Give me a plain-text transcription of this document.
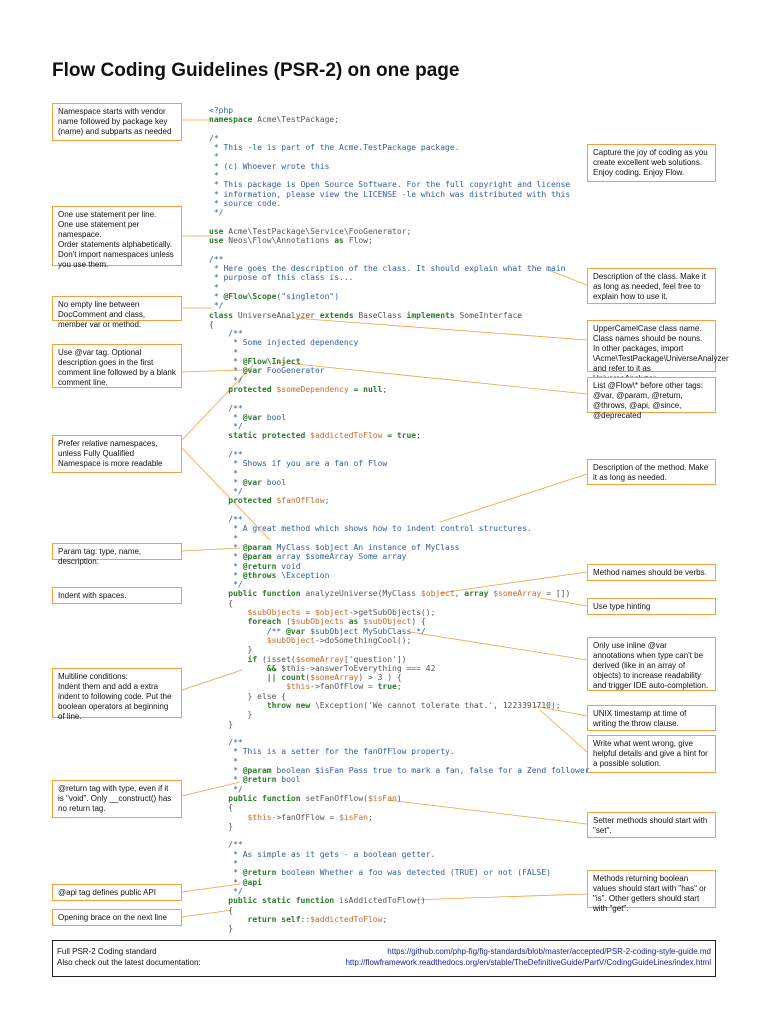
Flow Coding Guidelines (PSR-2) on one page
Namespace starts with vendor name followed by package key (name) and subparts as needed
One use statement per line.
One use statement per namespace.
Order statements alphabetically.
Don't import namespaces unless you use them.
No empty line between DocComment and class, member var or method.
Use @var tag. Optional description goes in the first comment line followed by a blank comment line.
Prefer relative namespaces, unless Fully Qualified Namespace is more readable
Param tag: type, name, description.
Indent with spaces.
Multiline conditions:
Indent them and add a extra indent to following code. Put the boolean operators at beginning of line.
@return tag with type, even if it is "void". Only __construct() has no return tag.
@api tag defines public API
Opening brace on the next line
Capture the joy of coding as you create excellent web solutions. Enjoy coding. Enjoy Flow.
Description of the class. Make it as long as needed, feel free to explain how to use it.
UpperCamelCase class name. Class names should be nouns.
In other packages, import \Acme\TestPackage\UniverseAnalyzer and refer to it as
List @Flow\* before other tags: @var, @param, @return, @throws, @api, @since, @deprecated
Description of the method. Make it as long as needed.
Method names should be verbs.
Use type hinting
Only use inline @var annotations when type can't be derived (like in an array of objects) to increase readability and trigger IDE auto-completion.
UNIX timestamp at time of writing the throw clause.
Write what went wrong, give helpful details and give a hint for a possible solution.
Setter methods should start with "set".
Methods returning boolean values should start with "has" or "is". Other getters should start with "get".
<?php
namespace Acme\TestPackage;
/*
* This -le is part of the Acme.TestPackage package.
*
* (c) Whoever wrote this
*
* This package is Open Source Software. For the full copyright and license
* information, please view the LICENSE -le which was distributed with this
* source code.
*/
use Acme\TestPackage\Service\FooGenerator;
use Neos\Flow\Annotations as Flow;
/**
* Here goes the description of the class. It should explain what the main
* purpose of this class is...
*
* @Flow\Scope("singleton")
*/
class UniverseAnalyzer extends BaseClass implements SomeInterface
{
/**
* Some injected dependency
*
* @Flow\Inject
* @var FooGenerator
*/
protected $someDependency = null;
/**
* @var bool
*/
static protected $addictedToFlow = true;
/**
* Shows if you are a fan of Flow
*
* @var bool
*/
protected $fanOfFlow;
/**
* A great method which shows how to indent control structures.
*
* @param MyClass $object An instance of MyClass
* @param array $someArray Some array
* @return void
* @throws \Exception
*/
public function analyzeUniverse(MyClass $object, array $someArray = [])
{
$subObjects = $object->getSubObjects();
foreach ($subObjects as $subObject) {
/** @var $subObject MySubClass */
$subObject->doSomethingCool();
}
if (isset($someArray['question'])
&& $this->answerToEverything === 42
|| count($someArray) > 3 ) {
$this->fanOfFlow = true;
} else {
throw new \Exception('We cannot tolerate that.', 1223391710);
}
}
/**
* This is a setter for the fanOfFlow property.
*
* @param boolean $isFan Pass true to mark a fan, false for a Zend follower
* @return bool
*/
public function setFanOfFlow($isFan)
{
$this->fanOfFlow = $isFan;
}
/**
* As simple as it gets - a boolean getter.
*
* @return boolean Whether a foo was detected (TRUE) or not (FALSE)
* @api
*/
public static function isAddictedToFlow()
{
return self::$addictedToFlow;
}
Full PSR-2 Coding standard
Also check out the latest documentation:
https://github.com/php-fig/fig-standards/blob/master/accepted/PSR-2-coding-style-guide.md
http://flowframework.readthedocs.org/en/stable/TheDefinitiveGuide/PartV/CodingGuideLines/index.html
